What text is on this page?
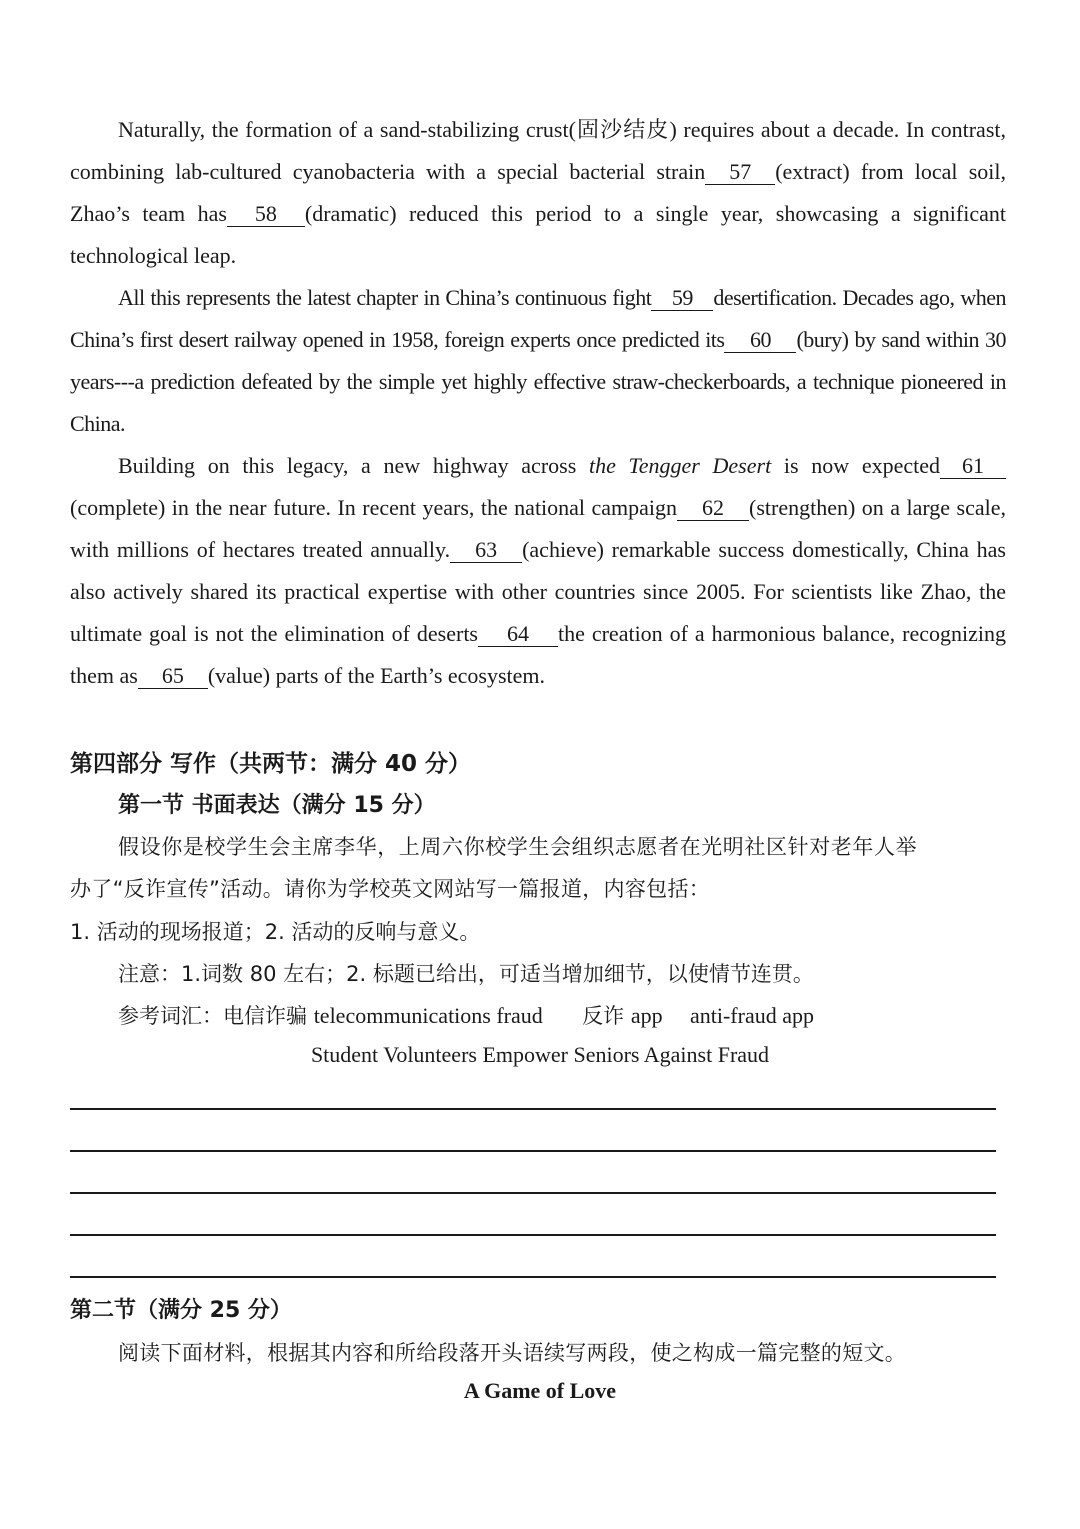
Naturally, the formation of a sand-stabilizing crust(固沙结皮) requires about a decade. In contrast, combining lab-cultured cyanobacteria with a special bacterial strain 57 (extract) from local soil, Zhao’s team has 58 (dramatic) reduced this period to a single year, showcasing a significant technological leap.

All this represents the latest chapter in China’s continuous fight 59 desertification. Decades ago, when China’s first desert railway opened in 1958, foreign experts once predicted its 60 (bury) by sand within 30 years---a prediction defeated by the simple yet highly effective straw-checkerboards, a technique pioneered in China.

Building on this legacy, a new highway across the Tengger Desert is now expected 61(complete) in the near future. In recent years, the national campaign 62 (strengthen) on a large scale, with millions of hectares treated annually. 63 (achieve) remarkable success domestically, China has also actively shared its practical expertise with other countries since 2005. For scientists like Zhao, the ultimate goal is not the elimination of deserts 64 the creation of a harmonious balance, recognizing them as 65 (value) parts of the Earth’s ecosystem.

第四部分 写作（共两节：满分 40 分）

第一节 书面表达（满分 15 分）

假设你是校学生会主席李华，上周六你校学生会组织志愿者在光明社区针对老年人举

办了“反诈宣传”活动。请你为学校英文网站写一篇报道，内容包括：

1. 活动的现场报道；2. 活动的反响与意义。

注意：1.词数 80 左右；2. 标题已给出，可适当增加细节，以使情节连贯。

参考词汇：电信诈骗 telecommunications fraud 反诈 app anti-fraud app

Student Volunteers Empower Seniors Against Fraud

第二节（满分 25 分）

阅读下面材料，根据其内容和所给段落开头语续写两段，使之构成一篇完整的短文。

A Game of Love
